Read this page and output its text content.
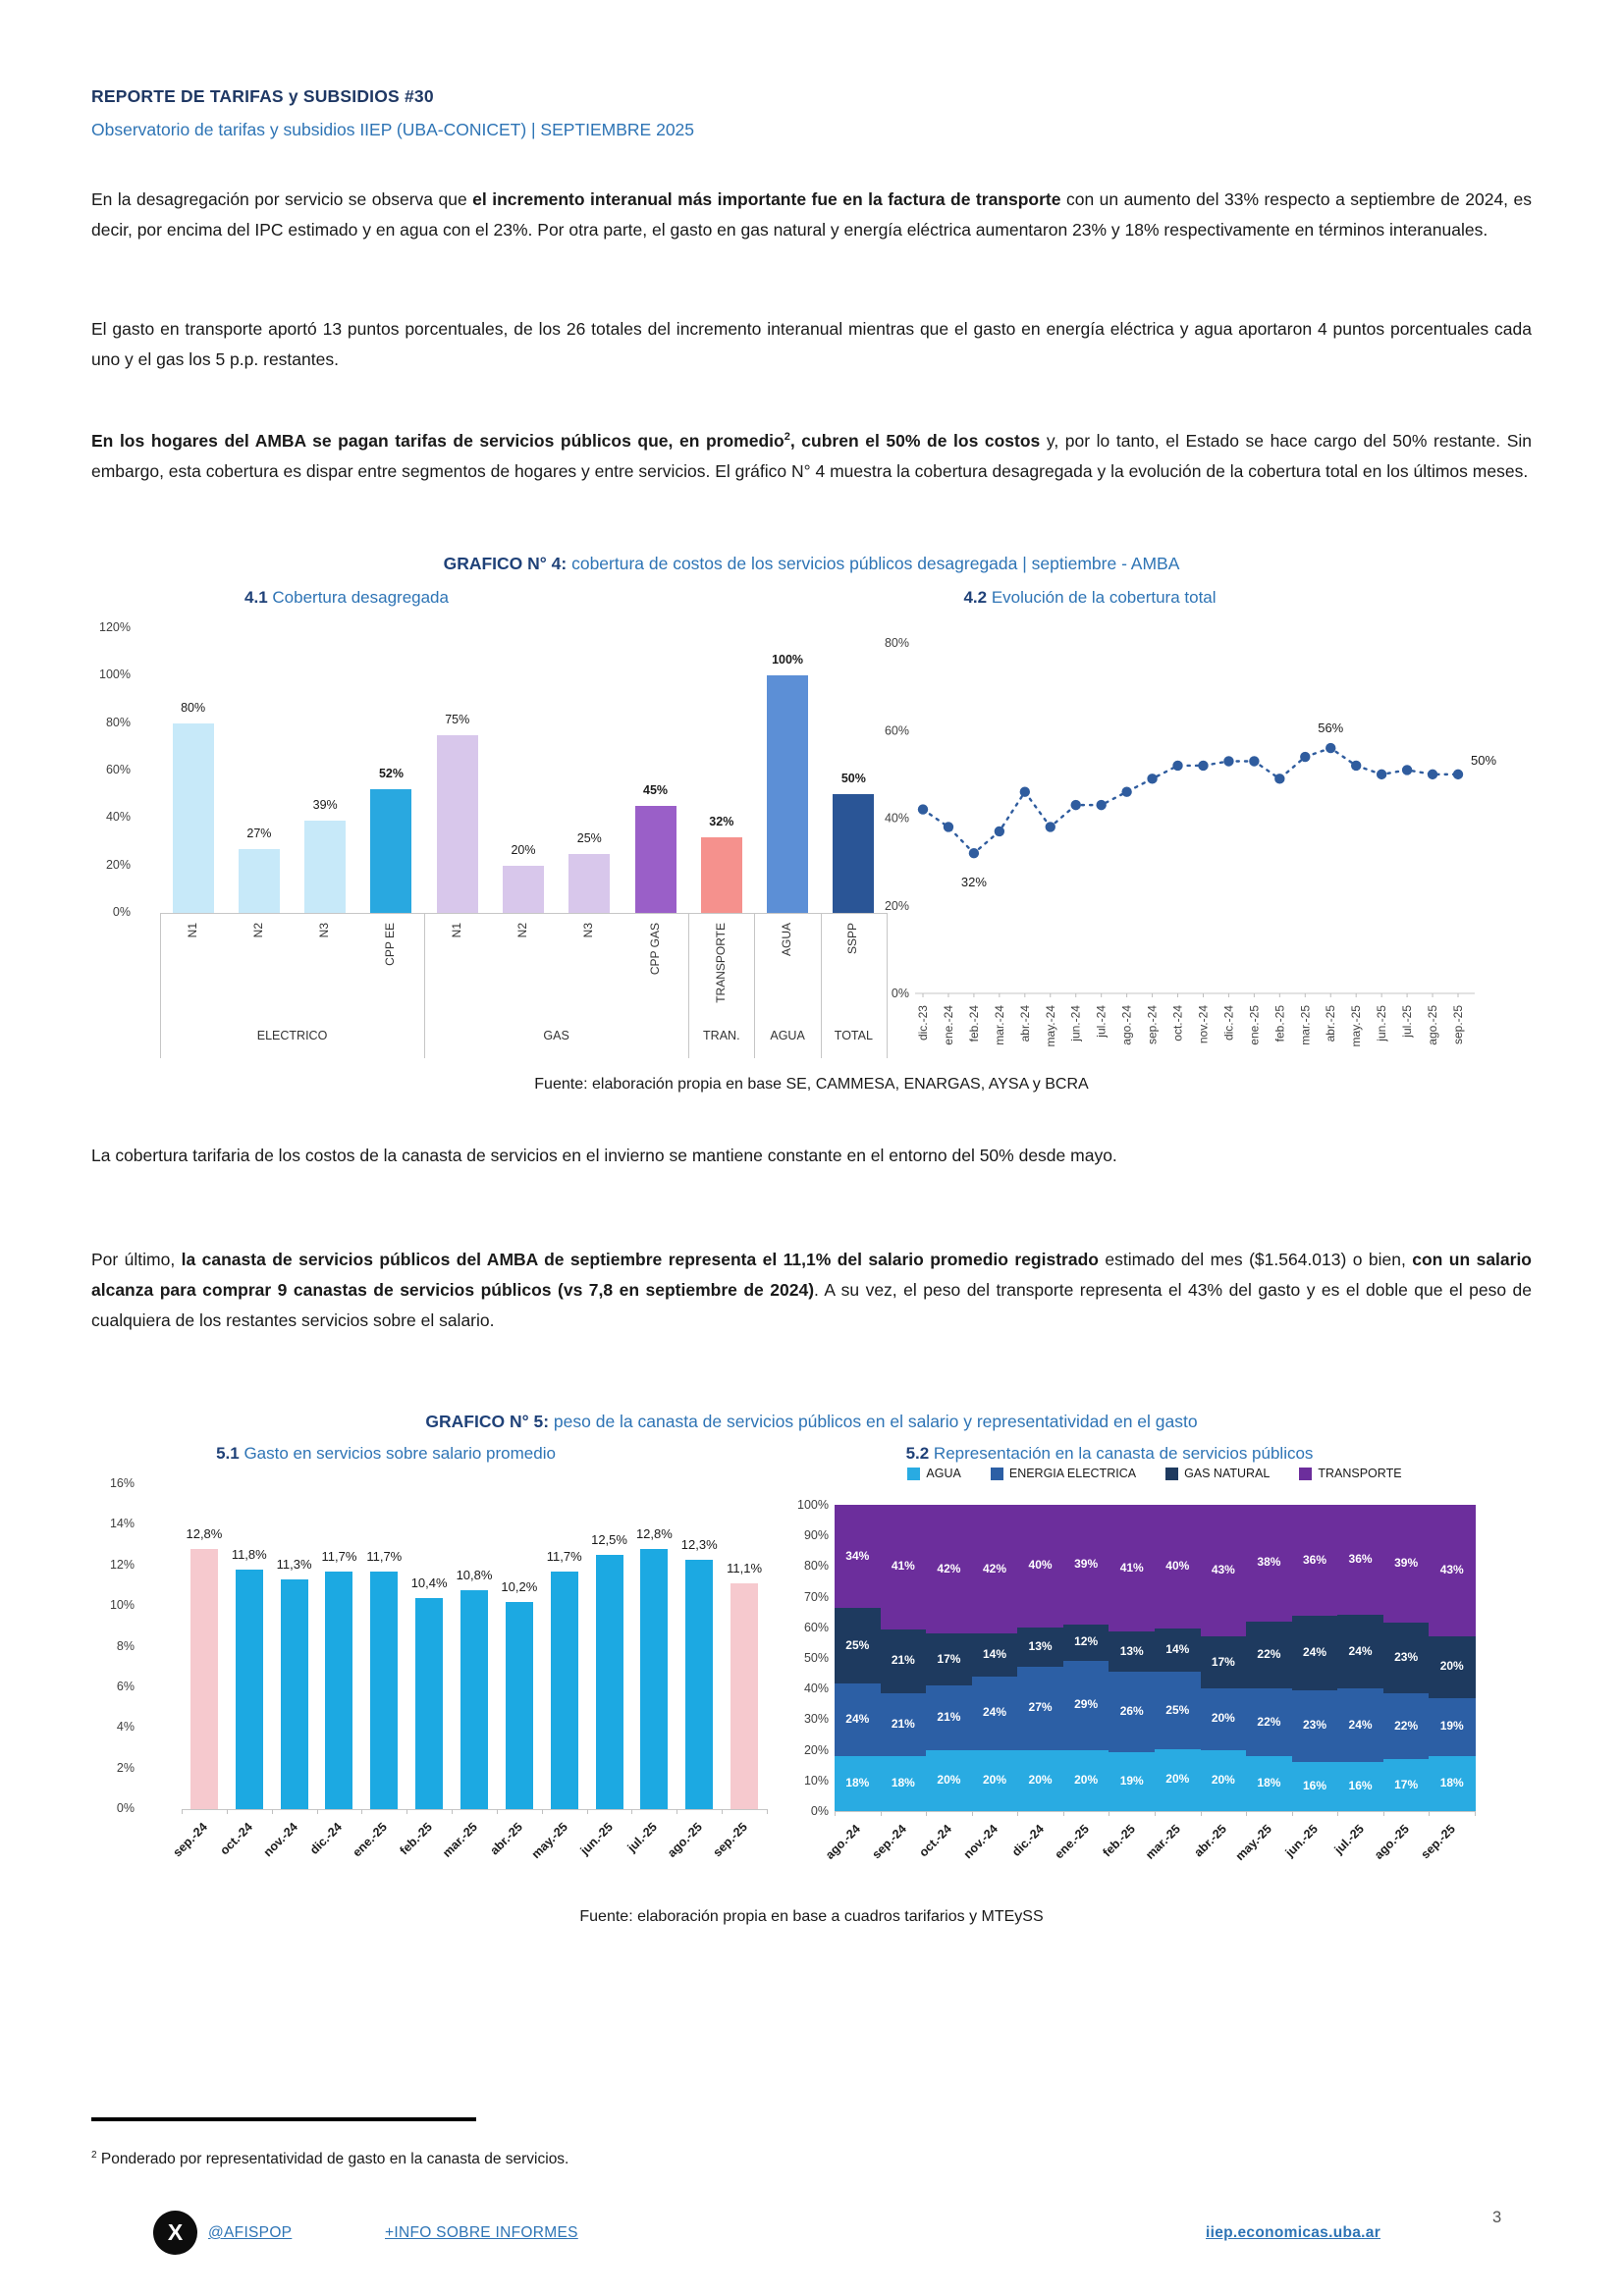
REPORTE DE TARIFAS y SUBSIDIOS #30
Observatorio de tarifas y subsidios IIEP (UBA-CONICET) | SEPTIEMBRE 2025

En la desagregación por servicio se observa que el incremento interanual más importante fue en la factura de transporte con un aumento del 33% respecto a septiembre de 2024, es decir, por encima del IPC estimado y en agua con el 23%. Por otra parte, el gasto en gas natural y energía eléctrica aumentaron 23% y 18% respectivamente en términos interanuales.

El gasto en transporte aportó 13 puntos porcentuales, de los 26 totales del incremento interanual mientras que el gasto en energía eléctrica y agua aportaron 4 puntos porcentuales cada uno y el gas los 5 p.p. restantes.

En los hogares del AMBA se pagan tarifas de servicios públicos que, en promedio$^2$, cubren el 50% de los costos y, por lo tanto, el Estado se hace cargo del 50% restante. Sin embargo, esta cobertura es dispar entre segmentos de hogares y entre servicios. El gráfico N° 4 muestra la cobertura desagregada y la evolución de la cobertura total en los últimos meses.

GRAFICO N° 4: cobertura de costos de los servicios públicos desagregada | septiembre - AMBA
4.1 Cobertura desagregada	4.2 Evolución de la cobertura total
0%
20%
40%
60%
80%
100%
120%
80%
N1
27%
N2
39%
N3
52%
CPP EE
75%
N1
20%
N2
25%
N3
45%
CPP GAS
32%
TRANSPORTE
100%
AGUA
50%
SSPP
ELECTRICO	GAS	TRAN.	AGUA	TOTAL
0%
20%
40%
60%
80%
dic.-23 ene.-24 feb.-24 mar.-24 abr.-24 may.-24 jun.-24 jul.-24 ago.-24 sep.-24 oct.-24 nov.-24 dic.-24 ene.-25 feb.-25 mar.-25 abr.-25 may.-25 jun.-25 jul.-25 ago.-25 sep.-25
32%
56%
50%
Fuente: elaboración propia en base SE, CAMMESA, ENARGAS, AYSA y BCRA

La cobertura tarifaria de los costos de la canasta de servicios en el invierno se mantiene constante en el entorno del 50% desde mayo.

Por último, la canasta de servicios públicos del AMBA de septiembre representa el 11,1% del salario promedio registrado estimado del mes ($1.564.013) o bien, con un salario alcanza para comprar 9 canastas de servicios públicos (vs 7,8 en septiembre de 2024). A su vez, el peso del transporte representa el 43% del gasto y es el doble que el peso de cualquiera de los restantes servicios sobre el salario.

GRAFICO N° 5: peso de la canasta de servicios públicos en el salario y representatividad en el gasto
5.1 Gasto en servicios sobre salario promedio	5.2 Representación en la canasta de servicios públicos
0%
2%
4%
6%
8%
10%
12%
14%
16%
12,8%
sep.-24
11,8%
oct.-24
11,3%
nov.-24
11,7%
dic.-24
11,7%
ene.-25
10,4%
feb.-25
10,8%
mar.-25
10,2%
abr.-25
11,7%
may.-25
12,5%
jun.-25
12,8%
jul.-25
12,3%
ago.-25
11,1%
sep.-25
AGUA	ENERGIA ELECTRICA	GAS NATURAL	TRANSPORTE
0%
10%
20%
30%
40%
50%
60%
70%
80%
90%
100%
18%
24%
25%
34%
ago.-24
18%
21%
21%
41%
sep.-24
20%
21%
17%
42%
oct.-24
20%
24%
14%
42%
nov.-24
20%
27%
13%
40%
dic.-24
20%
29%
12%
39%
ene.-25
19%
26%
13%
41%
feb.-25
20%
25%
14%
40%
mar.-25
20%
20%
17%
43%
abr.-25
18%
22%
22%
38%
may.-25
16%
23%
24%
36%
jun.-25
16%
24%
24%
36%
jul.-25
17%
22%
23%
39%
ago.-25
18%
19%
20%
43%
sep.-25
Fuente: elaboración propia en base a cuadros tarifarios y MTEySS
$^2$ Ponderado por representatividad de gasto en la canasta de servicios.
X @AFISPOP	+INFO SOBRE INFORMES	iiep.economicas.uba.ar
3
